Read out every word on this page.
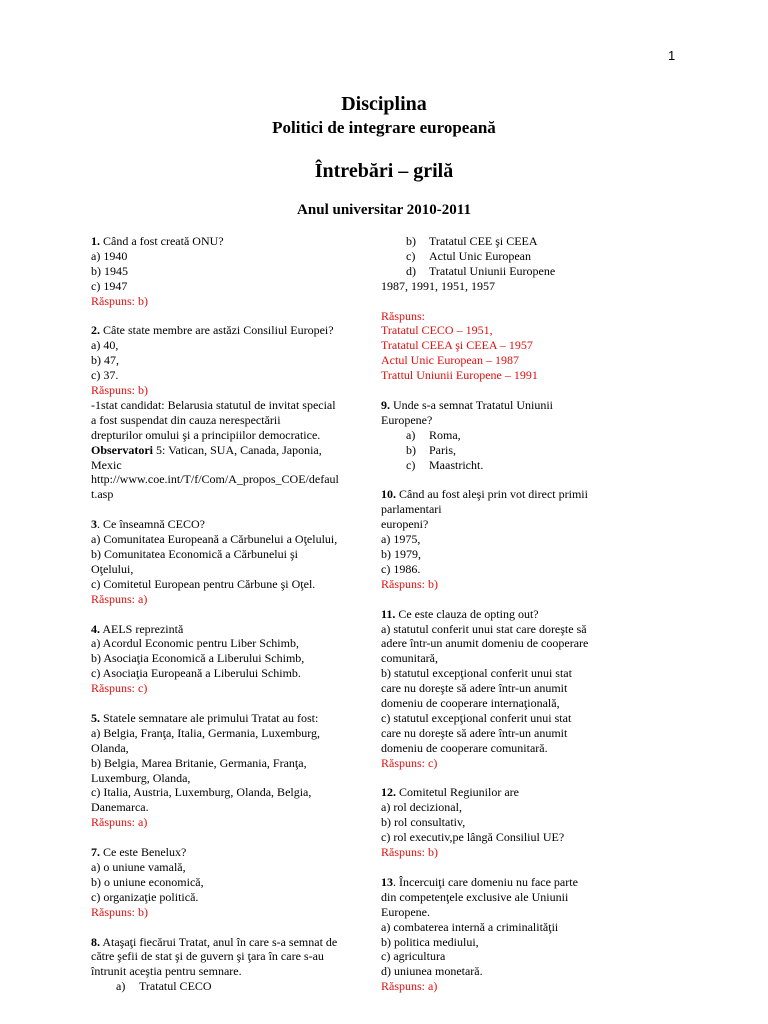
1
Disciplina
Politici de integrare europeană
Întrebări – grilă
Anul universitar 2010-2011
1. Când a fost creată ONU?
a) 1940
b) 1945
c) 1947
Răspuns: b)
2. Câte state membre are astăzi Consiliul Europei?
a) 40,
b) 47,
c) 37.
Răspuns: b)
-1stat candidat: Belarusia statutul de invitat special
a fost suspendat din cauza nerespectării
drepturilor omului şi a principiilor democratice.
Observatori 5: Vatican, SUA, Canada, Japonia,
Mexic
http://www.coe.int/T/f/Com/A_propos_COE/defaul
t.asp
3. Ce înseamnă CECO?
a) Comunitatea Europeană a Cărbunelui a Oţelului,
b) Comunitatea Economică a Cărbunelui şi
Oţelului,
c) Comitetul European pentru Cărbune şi Oţel.
Răspuns: a)
4. AELS reprezintă
a) Acordul Economic pentru Liber Schimb,
b) Asociaţia Economică a Liberului Schimb,
c) Asociaţia Europeană a Liberului Schimb.
Răspuns: c)
5. Statele semnatare ale primului Tratat au fost:
a) Belgia, Franţa, Italia, Germania, Luxemburg,
Olanda,
b) Belgia, Marea Britanie, Germania, Franţa,
Luxemburg, Olanda,
c) Italia, Austria, Luxemburg, Olanda, Belgia,
Danemarca.
Răspuns: a)
7. Ce este Benelux?
a) o uniune vamală,
b) o uniune economică,
c) organizaţie politică.
Răspuns: b)
8. Ataşaţi fiecărui Tratat, anul în care s-a semnat de
către şefii de stat şi de guvern şi ţara în care s-au
întrunit aceştia pentru semnare.
a) Tratatul CECO
b) Tratatul CEE şi CEEA
c) Actul Unic European
d) Tratatul Uniunii Europene
1987, 1991, 1951, 1957
Răspuns:
Tratatul CECO – 1951,
Tratatul CEEA şi CEEA – 1957
Actul Unic European – 1987
Trattul Uniunii Europene – 1991
9. Unde s-a semnat Tratatul Uniunii
Europene?
a) Roma,
b) Paris,
c) Maastricht.
10. Când au fost aleşi prin vot direct primii
parlamentari
europeni?
a) 1975,
b) 1979,
c) 1986.
Răspuns: b)
11. Ce este clauza de opting out?
a) statutul conferit unui stat care doreşte să
adere într-un anumit domeniu de cooperare
comunitară,
b) statutul excepţional conferit unui stat
care nu doreşte să adere într-un anumit
domeniu de cooperare internaţională,
c) statutul excepţional conferit unui stat
care nu doreşte să adere într-un anumit
domeniu de cooperare comunitară.
Răspuns: c)
12. Comitetul Regiunilor are
a) rol decizional,
b) rol consultativ,
c) rol executiv,pe lângă Consiliul UE?
Răspuns: b)
13. Încercuiţi care domeniu nu face parte
din competenţele exclusive ale Uniunii
Europene.
a) combaterea internă a criminalităţii
b) politica mediului,
c) agricultura
d) uniunea monetară.
Răspuns: a)
